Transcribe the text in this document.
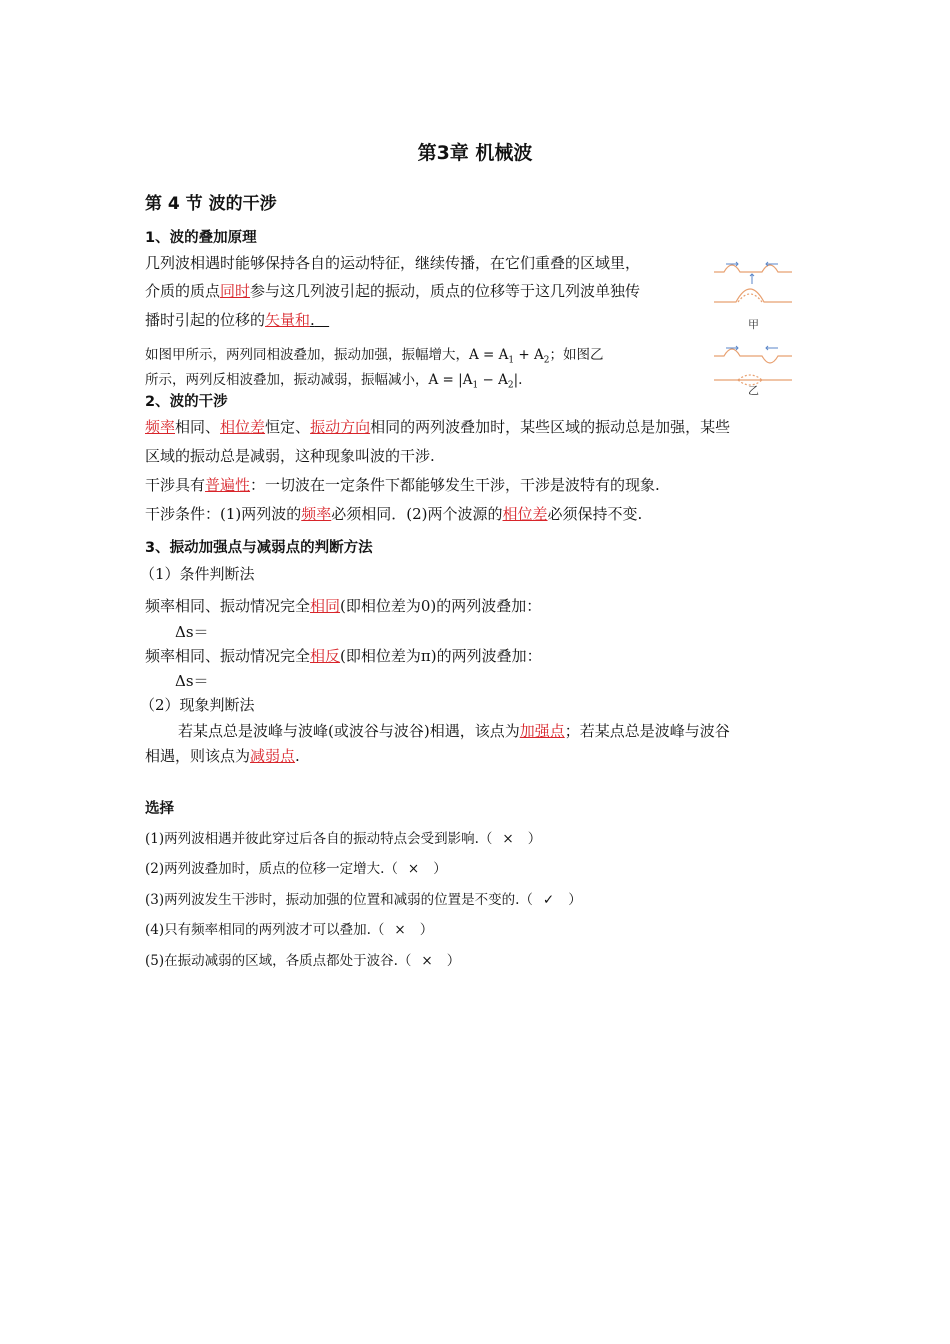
第3章 机械波
第 4 节 波的干涉
1、波的叠加原理
几列波相遇时能够保持各自的运动特征，继续传播，在它们重叠的区域里，
介质的质点同时参与这几列波引起的振动，质点的位移等于这几列波单独传
播时引起的位移的矢量和.
如图甲所示，两列同相波叠加，振动加强，振幅增大，$A = A_1 + A_2$；如图乙
所示，两列反相波叠加，振动减弱，振幅减小，$A = |A_1 - A_2|$.
甲
乙
2、波的干涉
频率相同、相位差恒定、振动方向相同的两列波叠加时，某些区域的振动总是加强，某些
区域的振动总是减弱，这种现象叫波的干涉.
干涉具有普遍性：一切波在一定条件下都能够发生干涉，干涉是波特有的现象.
干涉条件：(1)两列波的频率必须相同．(2)两个波源的相位差必须保持不变.
3、振动加强点与减弱点的判断方法
（1）条件判断法
频率相同、振动情况完全相同(即相位差为0)的两列波叠加：
Δs＝
频率相同、振动情况完全相反(即相位差为π)的两列波叠加：
Δs＝
（2）现象判断法
若某点总是波峰与波峰(或波谷与波谷)相遇，该点为加强点；若某点总是波峰与波谷
相遇，则该点为减弱点.
选择
(1)两列波相遇并彼此穿过后各自的振动特点会受到影响.（ × ）
(2)两列波叠加时，质点的位移一定增大.（ × ）
(3)两列波发生干涉时，振动加强的位置和减弱的位置是不变的.（ ✓ ）
(4)只有频率相同的两列波才可以叠加.（ × ）
(5)在振动减弱的区域，各质点都处于波谷.（ × ）
